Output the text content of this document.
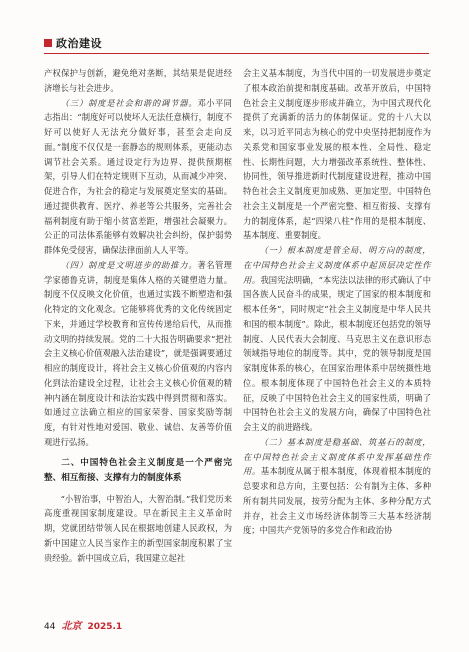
政治建设

产权保护与创新，避免绝对垄断，其结果是促进经济增长与社会进步。

（三）制度是社会和谐的调节器。邓小平同志指出：“制度好可以使坏人无法任意横行，制度不好可以使好人无法充分做好事，甚至会走向反面。”制度不仅仅是一套静态的规则体系，更能动态调节社会关系。通过设定行为边界、提供预期框架，引导人们在特定规则下互动，从而减少冲突、促进合作，为社会的稳定与发展奠定坚实的基础。通过提供教育、医疗、养老等公共服务，完善社会福利制度有助于缩小贫富差距，增强社会凝聚力。公正的司法体系能够有效解决社会纠纷，保护弱势群体免受侵害，确保法律面前人人平等。

（四）制度是文明进步的助推力。著名管理学家德鲁克讲，制度是集体人格的关键塑造力量。制度不仅反映文化价值，也通过实践不断塑造和强化特定的文化观念。它能够将优秀的文化传统固定下来，并通过学校教育和宣传传递给后代，从而推动文明的持续发展。党的二十大报告明确要求“把社会主义核心价值观融入法治建设”，就是强调要通过相应的制度设计，将社会主义核心价值观的内容内化到法治建设全过程，让社会主义核心价值观的精神内涵在制度设计和法治实践中得到贯彻和落实。如通过立法确立相应的国家荣誉、国家奖励等制度，有针对性地对爱国、敬业、诚信、友善等价值观进行弘扬。

二、中国特色社会主义制度是一个严密完整、相互衔接、支撑有力的制度体系

“小智治事，中智治人，大智治制。”我们党历来高度重视国家制度建设。早在新民主主义革命时期，党就团结带领人民在根据地创建人民政权，为新中国建立人民当家作主的新型国家制度积累了宝贵经验。新中国成立后，我国建立起社

会主义基本制度，为当代中国的一切发展进步奠定了根本政治前提和制度基础。改革开放后，中国特色社会主义制度逐步形成并确立，为中国式现代化提供了充满新的活力的体制保证。党的十八大以来，以习近平同志为核心的党中央坚持把制度作为关系党和国家事业发展的根本性、全局性、稳定性、长期性问题，大力增强改革系统性、整体性、协同性，领导推进新时代制度建设进程，推动中国特色社会主义制度更加成熟、更加定型。中国特色社会主义制度是一个严密完整、相互衔接、支撑有力的制度体系，起“四梁八柱”作用的是根本制度、基本制度、重要制度。

（一）根本制度是管全局、明方向的制度，在中国特色社会主义制度体系中起顶层决定性作用。我国宪法明确，“本宪法以法律的形式确认了中国各族人民奋斗的成果，规定了国家的根本制度和根本任务”，同时规定“社会主义制度是中华人民共和国的根本制度”。除此，根本制度还包括党的领导制度、人民代表大会制度、马克思主义在意识形态领域指导地位的制度等。其中，党的领导制度是国家制度体系的核心，在国家治理体系中居统摄性地位。根本制度体现了中国特色社会主义的本质特征，反映了中国特色社会主义的国家性质，明确了中国特色社会主义的发展方向，确保了中国特色社会主义的前进路线。

（二）基本制度是稳基础、筑基石的制度，在中国特色社会主义制度体系中发挥基础性作用。基本制度从属于根本制度，体现着根本制度的总要求和总方向，主要包括：公有制为主体、多种所有制共同发展，按劳分配为主体、多种分配方式并存，社会主义市场经济体制等三大基本经济制度；中国共产党领导的多党合作和政治协

44 北京 2025.1
